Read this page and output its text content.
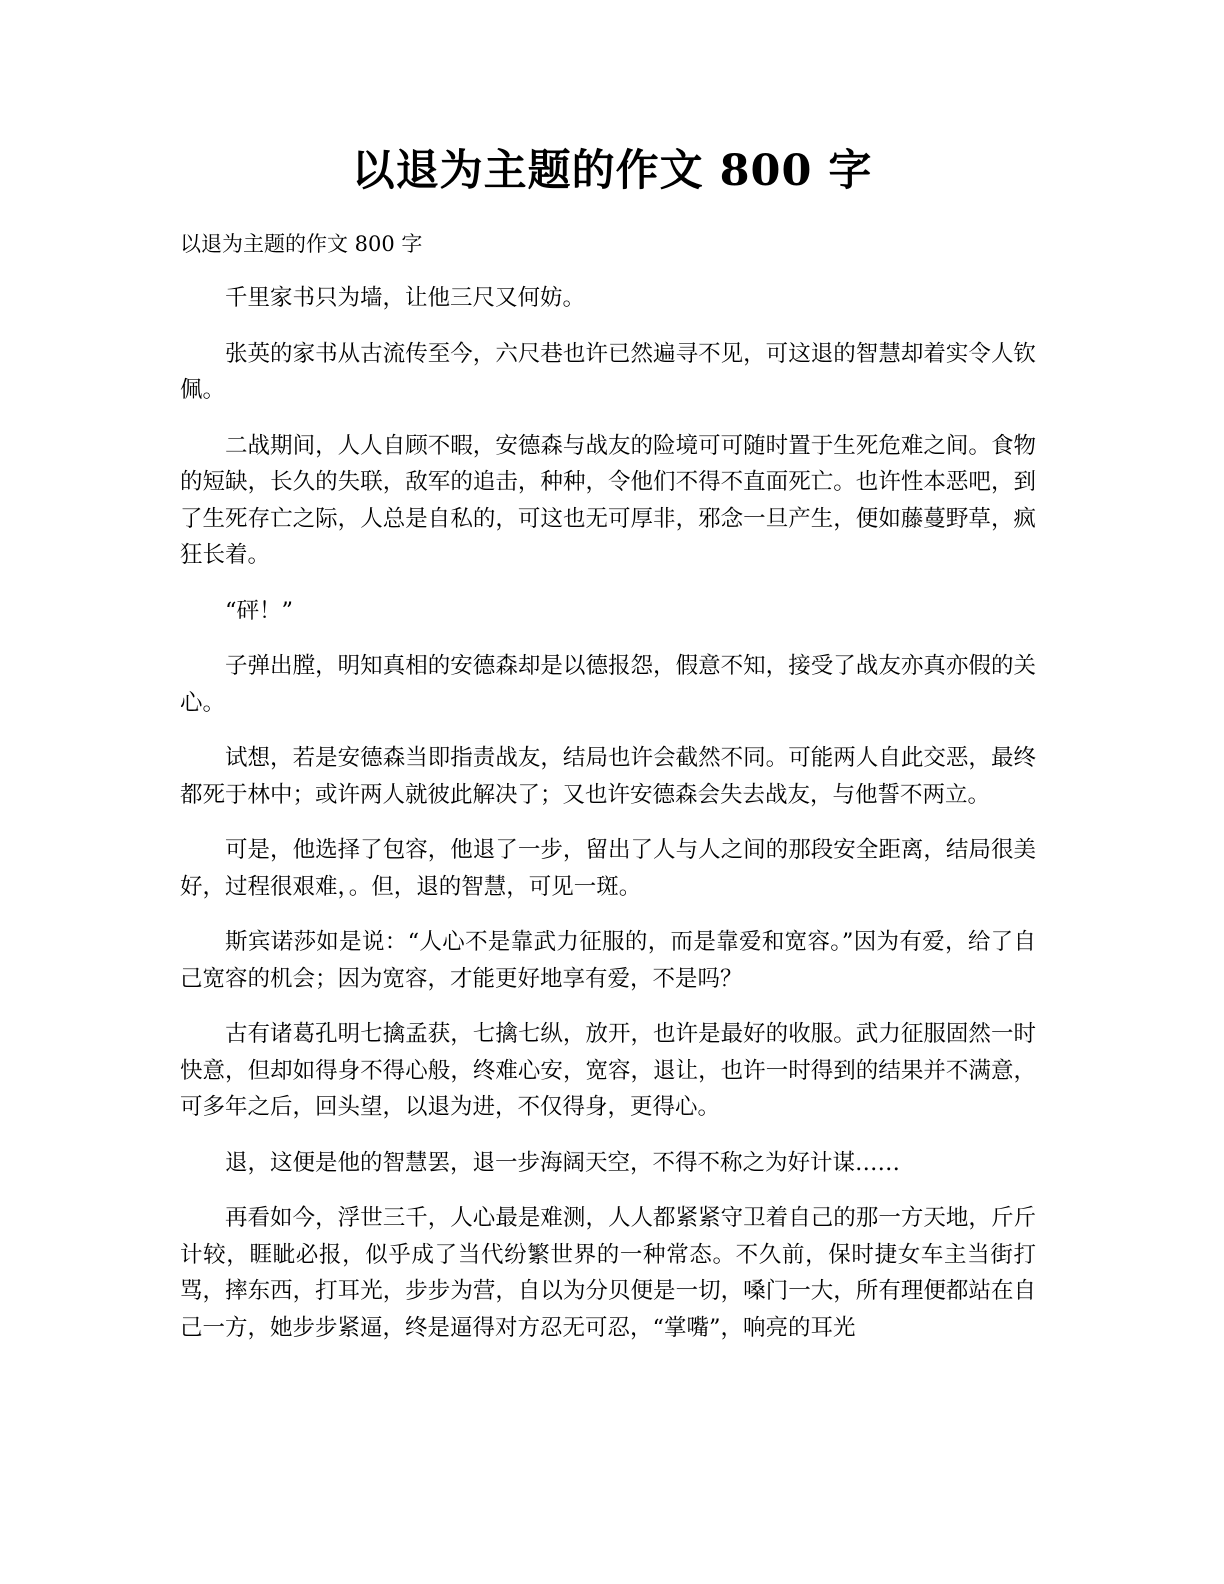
以退为主题的作文 800 字

以退为主题的作文 800 字

千里家书只为墙，让他三尺又何妨。

张英的家书从古流传至今，六尺巷也许已然遍寻不见，可这退的智慧却着实令人钦佩。

二战期间，人人自顾不暇，安德森与战友的险境可可随时置于生死危难之间。食物的短缺，长久的失联，敌军的追击，种种，令他们不得不直面死亡。也许性本恶吧，到了生死存亡之际，人总是自私的，可这也无可厚非，邪念一旦产生，便如藤蔓野草，疯狂长着。

“砰！”

子弹出膛，明知真相的安德森却是以德报怨，假意不知，接受了战友亦真亦假的关心。

试想，若是安德森当即指责战友，结局也许会截然不同。可能两人自此交恶，最终都死于林中；或许两人就彼此解决了；又也许安德森会失去战友，与他誓不两立。

可是，他选择了包容，他退了一步，留出了人与人之间的那段安全距离，结局很美好，过程很艰难，。但，退的智慧，可见一斑。

斯宾诺莎如是说：“人心不是靠武力征服的，而是靠爱和宽容。”因为有爱，给了自己宽容的机会；因为宽容，才能更好地享有爱，不是吗？

古有诸葛孔明七擒孟获，七擒七纵，放开，也许是最好的收服。武力征服固然一时快意，但却如得身不得心般，终难心安，宽容，退让，也许一时得到的结果并不满意，可多年之后，回头望，以退为进，不仅得身，更得心。

退，这便是他的智慧罢，退一步海阔天空，不得不称之为好计谋……

再看如今，浮世三千，人心最是难测，人人都紧紧守卫着自己的那一方天地，斤斤计较，睚眦必报，似乎成了当代纷繁世界的一种常态。不久前，保时捷女车主当街打骂，摔东西，打耳光，步步为营，自以为分贝便是一切，嗓门一大，所有理便都站在自己一方，她步步紧逼，终是逼得对方忍无可忍，“掌嘴”，响亮的耳光
